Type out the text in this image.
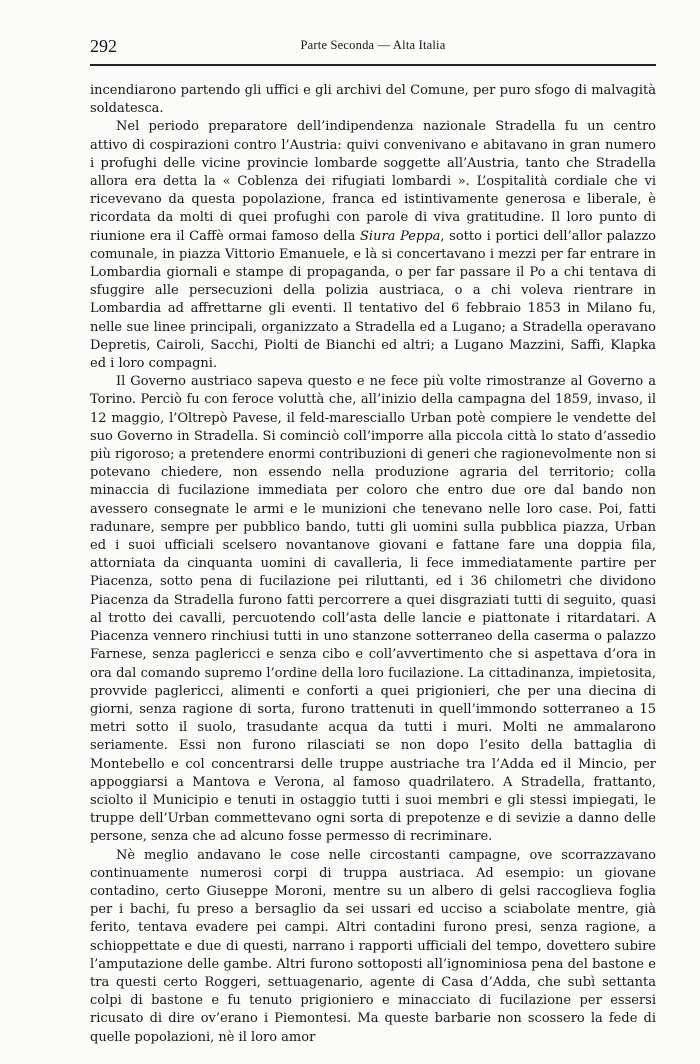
292	Parte Seconda — Alta Italia

incendiarono partendo gli uffici e gli archivi del Comune, per puro sfogo di malvagità soldatesca.

Nel periodo preparatore dell’indipendenza nazionale Stradella fu un centro attivo di cospirazioni contro l’Austria: quivi convenivano e abitavano in gran numero i profughi delle vicine provincie lombarde soggette all’Austria, tanto che Stradella allora era detta la « Coblenza dei rifugiati lombardi ». L’ospitalità cordiale che vi ricevevano da questa popolazione, franca ed istintivamente generosa e liberale, è ricordata da molti di quei profughi con parole di viva gratitudine. Il loro punto di riunione era il Caffè ormai famoso della Siura Peppa, sotto i portici dell’allor palazzo comunale, in piazza Vittorio Emanuele, e là si concertavano i mezzi per far entrare in Lombardia giornali e stampe di propaganda, o per far passare il Po a chi tentava di sfuggire alle persecuzioni della polizia austriaca, o a chi voleva rientrare in Lombardia ad affrettarne gli eventi. Il tentativo del 6 febbraio 1853 in Milano fu, nelle sue linee principali, organizzato a Stradella ed a Lugano; a Stradella operavano Depretis, Cairoli, Sacchi, Piolti de Bianchi ed altri; a Lugano Mazzini, Saffi, Klapka ed i loro compagni.

Il Governo austriaco sapeva questo e ne fece più volte rimostranze al Governo a Torino. Perciò fu con feroce voluttà che, all’inizio della campagna del 1859, invaso, il 12 maggio, l’Oltrepò Pavese, il feld-maresciallo Urban potè compiere le vendette del suo Governo in Stradella. Si cominciò coll’imporre alla piccola città lo stato d’assedio più rigoroso; a pretendere enormi contribuzioni di generi che ragionevolmente non si potevano chiedere, non essendo nella produzione agraria del territorio; colla minaccia di fucilazione immediata per coloro che entro due ore dal bando non avessero consegnate le armi e le munizioni che tenevano nelle loro case. Poi, fatti radunare, sempre per pubblico bando, tutti gli uomini sulla pubblica piazza, Urban ed i suoi ufficiali scelsero novantanove giovani e fattane fare una doppia fila, attorniata da cinquanta uomini di cavalleria, li fece immediatamente partire per Piacenza, sotto pena di fucilazione pei riluttanti, ed i 36 chilometri che dividono Piacenza da Stradella furono fatti percorrere a quei disgraziati tutti di seguito, quasi al trotto dei cavalli, percuotendo coll’asta delle lancie e piattonate i ritardatari. A Piacenza vennero rinchiusi tutti in uno stanzone sotterraneo della caserma o palazzo Farnese, senza paglericci e senza cibo e coll’avvertimento che si aspettava d’ora in ora dal comando supremo l’ordine della loro fucilazione. La cittadinanza, impietosita, provvide paglericci, alimenti e conforti a quei prigionieri, che per una diecina di giorni, senza ragione di sorta, furono trattenuti in quell’immondo sotterraneo a 15 metri sotto il suolo, trasudante acqua da tutti i muri. Molti ne ammalarono seriamente. Essi non furono rilasciati se non dopo l’esito della battaglia di Montebello e col concentrarsi delle truppe austriache tra l’Adda ed il Mincio, per appoggiarsi a Mantova e Verona, al famoso quadrilatero. A Stradella, frattanto, sciolto il Municipio e tenuti in ostaggio tutti i suoi membri e gli stessi impiegati, le truppe dell’Urban commettevano ogni sorta di prepotenze e di sevizie a danno delle persone, senza che ad alcuno fosse permesso di recriminare.

Nè meglio andavano le cose nelle circostanti campagne, ove scorrazzavano continuamente numerosi corpi di truppa austriaca. Ad esempio: un giovane contadino, certo Giuseppe Moroni, mentre su un albero di gelsi raccoglieva foglia per i bachi, fu preso a bersaglio da sei ussari ed ucciso a sciabolate mentre, già ferito, tentava evadere pei campi. Altri contadini furono presi, senza ragione, a schioppettate e due di questi, narrano i rapporti ufficiali del tempo, dovettero subire l’amputazione delle gambe. Altri furono sottoposti all’ignominiosa pena del bastone e tra questi certo Roggeri, settuagenario, agente di Casa d’Adda, che subì settanta colpi di bastone e fu tenuto prigioniero e minacciato di fucilazione per essersi ricusato di dire ov’erano i Piemontesi. Ma queste barbarie non scossero la fede di quelle popolazioni, nè il loro amor
